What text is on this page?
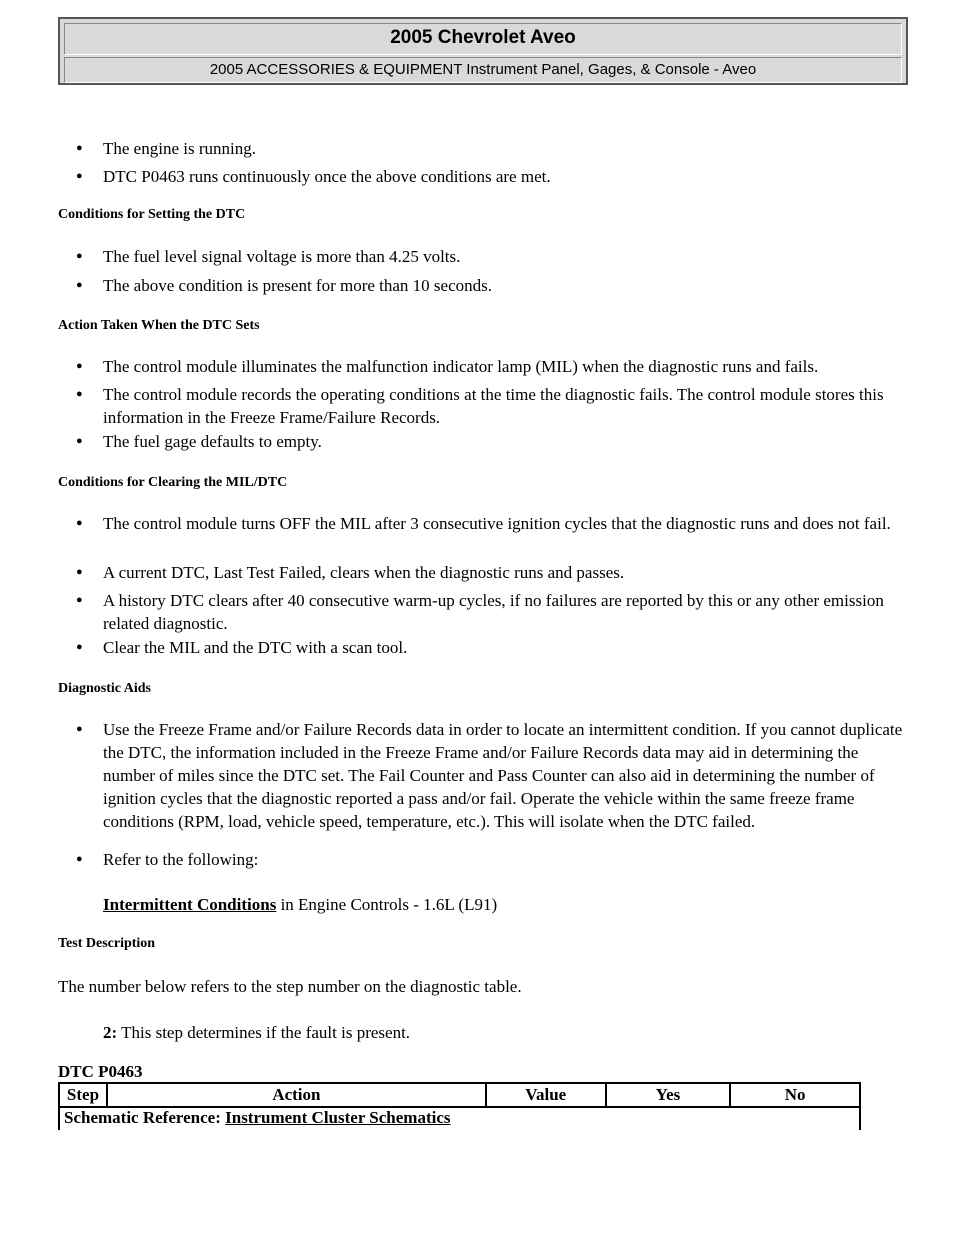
2005 Chevrolet Aveo
2005 ACCESSORIES & EQUIPMENT Instrument Panel, Gages, & Console - Aveo
● The engine is running.
● DTC P0463 runs continuously once the above conditions are met.
Conditions for Setting the DTC
● The fuel level signal voltage is more than 4.25 volts.
● The above condition is present for more than 10 seconds.
Action Taken When the DTC Sets
● The control module illuminates the malfunction indicator lamp (MIL) when the diagnostic runs and fails.
● The control module records the operating conditions at the time the diagnostic fails. The control module stores this information in the Freeze Frame/Failure Records.
● The fuel gage defaults to empty.
Conditions for Clearing the MIL/DTC
● The control module turns OFF the MIL after 3 consecutive ignition cycles that the diagnostic runs and does not fail.
● A current DTC, Last Test Failed, clears when the diagnostic runs and passes.
● A history DTC clears after 40 consecutive warm-up cycles, if no failures are reported by this or any other emission related diagnostic.
● Clear the MIL and the DTC with a scan tool.
Diagnostic Aids
● Use the Freeze Frame and/or Failure Records data in order to locate an intermittent condition. If you cannot duplicate the DTC, the information included in the Freeze Frame and/or Failure Records data may aid in determining the number of miles since the DTC set. The Fail Counter and Pass Counter can also aid in determining the number of ignition cycles that the diagnostic reported a pass and/or fail. Operate the vehicle within the same freeze frame conditions (RPM, load, vehicle speed, temperature, etc.). This will isolate when the DTC failed.
● Refer to the following:
Intermittent Conditions in Engine Controls - 1.6L (L91)
Test Description
The number below refers to the step number on the diagnostic table.
2: This step determines if the fault is present.
DTC P0463
Step	Action	Value	Yes	No
Schematic Reference: Instrument Cluster Schematics
